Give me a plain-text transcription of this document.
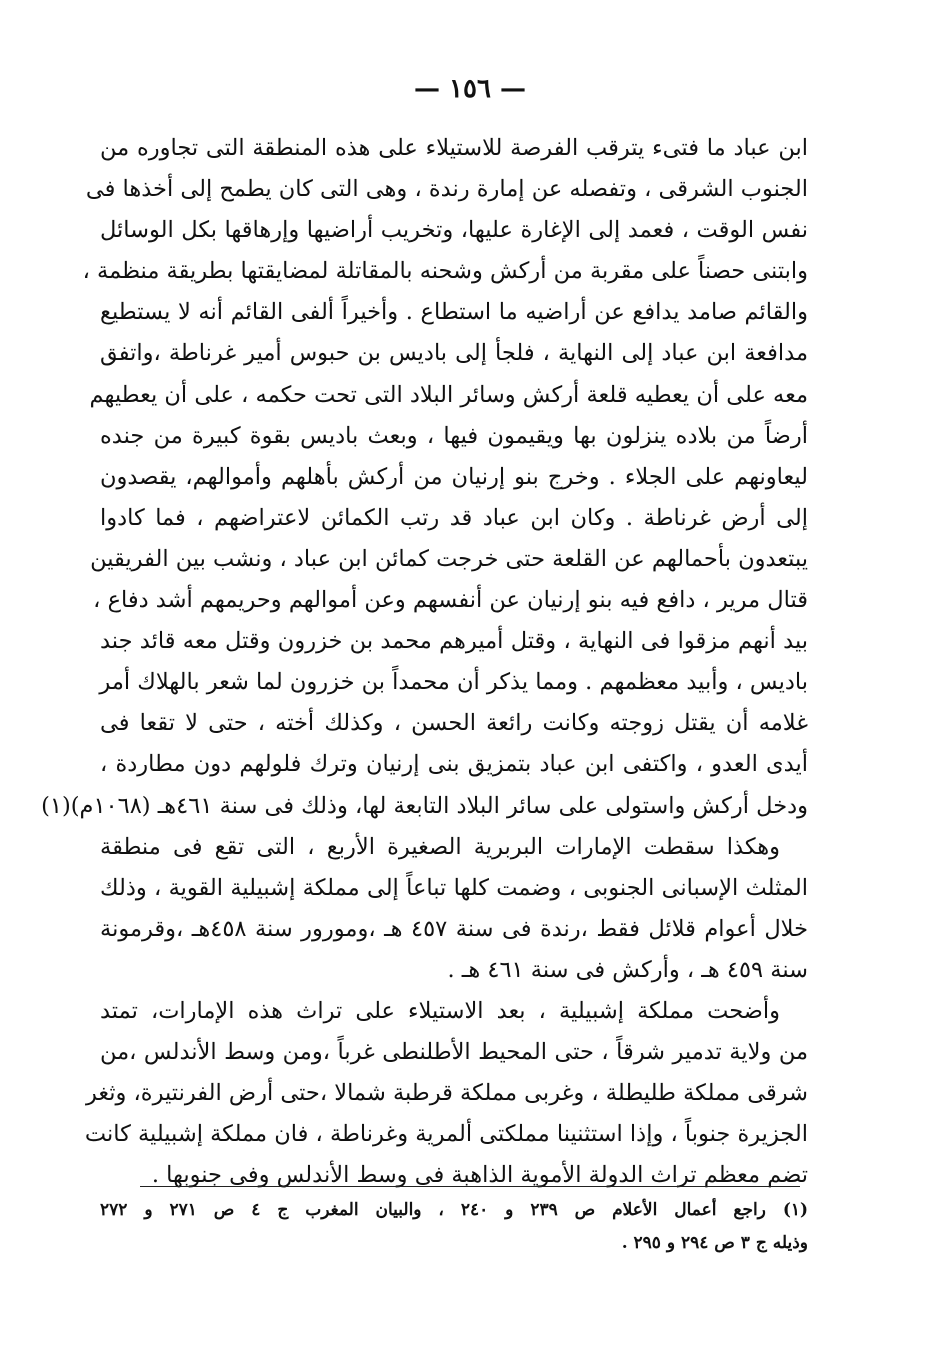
— ١٥٦ —
ابن عباد ما فتىء يترقب الفرصة للاستيلاء على هذه المنطقة التى تجاوره من
الجنوب الشرقى ، وتفصله عن إمارة رندة ، وهى التى كان يطمح إلى أخذها فى
نفس الوقت ، فعمد إلى الإغارة عليها، وتخريب أراضيها وإرهاقها بكل الوسائل
وابتنى حصناً على مقربة من أركش وشحنه بالمقاتلة لمضايقتها بطريقة منظمة ،
والقائم صامد يدافع عن أراضيه ما استطاع . وأخيراً ألفى القائم أنه لا يستطيع
مدافعة ابن عباد إلى النهاية ، فلجأ إلى باديس بن حبوس أمير غرناطة ،واتفق
معه على أن يعطيه قلعة أركش وسائر البلاد التى تحت حكمه ، على أن يعطيهم
أرضاً من بلاده ينزلون بها ويقيمون فيها ، وبعث باديس بقوة كبيرة من جنده
ليعاونهم على الجلاء . وخرج بنو إرنيان من أركش بأهلهم وأموالهم، يقصدون
إلى أرض غرناطة . وكان ابن عباد قد رتب الكمائن لاعتراضهم ، فما كادوا
يبتعدون بأحمالهم عن القلعة حتى خرجت كمائن ابن عباد ، ونشب بين الفريقين
قتال مرير ، دافع فيه بنو إرنيان عن أنفسهم وعن أموالهم وحريمهم أشد دفاع ،
بيد أنهم مزقوا فى النهاية ، وقتل أميرهم محمد بن خزرون وقتل معه قائد جند
باديس ، وأبيد معظمهم . ومما يذكر أن محمداً بن خزرون لما شعر بالهلاك أمر
غلامه أن يقتل زوجته وكانت رائعة الحسن ، وكذلك أخته ، حتى لا تقعا فى
أيدى العدو ، واكتفى ابن عباد بتمزيق بنى إرنيان وترك فلولهم دون مطاردة ،
ودخل أركش واستولى على سائر البلاد التابعة لها، وذلك فى سنة ٤٦١هـ (١٠٦٨م)(١)
وهكذا سقطت الإمارات البربرية الصغيرة الأربع ، التى تقع فى منطقة
المثلث الإسبانى الجنوبى ، وضمت كلها تباعاً إلى مملكة إشبيلية القوية ، وذلك
خلال أعوام قلائل فقط ،رندة فى سنة ٤٥٧ هـ ،ومورور سنة ٤٥٨هـ ،وقرمونة
سنة ٤٥٩ هـ ، وأركش فى سنة ٤٦١ هـ .
وأضحت مملكة إشبيلية ، بعد الاستيلاء على تراث هذه الإمارات، تمتد
من ولاية تدمير شرقاً ، حتى المحيط الأطلنطى غرباً ،ومن وسط الأندلس ،من
شرقى مملكة طليطلة ، وغربى مملكة قرطبة شمالا ،حتى أرض الفرنتيرة، وثغر
الجزيرة جنوباً ، وإذا استثنينا مملكتى ألمرية وغرناطة ، فان مملكة إشبيلية كانت
تضم معظم تراث الدولة الأموية الذاهبة فى وسط الأندلس وفى جنوبها .
(١) راجع أعمال الأعلام ص ٢٣٩ و ٢٤٠ ، والبيان المغرب ج ٤ ص ٢٧١ و ٢٧٢
وذيله ج ٣ ص ٢٩٤ و ٢٩٥ .
